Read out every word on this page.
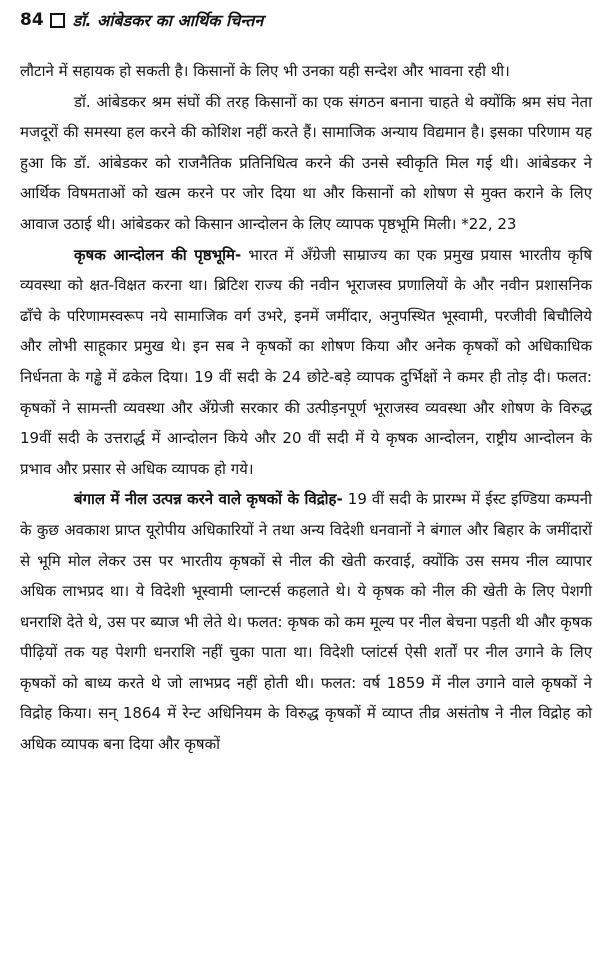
84 डॉ. आंबेडकर का आर्थिक चिन्तन

लौटाने में सहायक हो सकती है। किसानों के लिए भी उनका यही सन्देश और भावना रही थी।

डॉ. आंबेडकर श्रम संघों की तरह किसानों का एक संगठन बनाना चाहते थे क्योंकि श्रम संघ नेता मजदूरों की समस्या हल करने की कोशिश नहीं करते हैं। सामाजिक अन्याय विद्यमान है। इसका परिणाम यह हुआ कि डॉ. आंबेडकर को राजनैतिक प्रतिनिधित्व करने की उनसे स्वीकृति मिल गई थी। आंबेडकर ने आर्थिक विषमताओं को खत्म करने पर जोर दिया था और किसानों को शोषण से मुक्त कराने के लिए आवाज उठाई थी। आंबेडकर को किसान आन्दोलन के लिए व्यापक पृष्ठभूमि मिली। *22, 23

कृषक आन्दोलन की पृष्ठभूमि- भारत में अँग्रेजी साम्राज्य का एक प्रमुख प्रयास भारतीय कृषि व्यवस्था को क्षत-विक्षत करना था। ब्रिटिश राज्य की नवीन भूराजस्व प्रणालियों के और नवीन प्रशासनिक ढाँचे के परिणामस्वरूप नये सामाजिक वर्ग उभरे, इनमें जमींदार, अनुपस्थित भूस्वामी, परजीवी बिचौलिये और लोभी साहूकार प्रमुख थे। इन सब ने कृषकों का शोषण किया और अनेक कृषकों को अधिकाधिक निर्धनता के गड्ढे में ढकेल दिया। 19 वीं सदी के 24 छोटे-बड़े व्यापक दुर्भिक्षों ने कमर ही तोड़ दी। फलत: कृषकों ने सामन्ती व्यवस्था और अँग्रेजी सरकार की उत्पीड़नपूर्ण भूराजस्व व्यवस्था और शोषण के विरुद्ध 19वीं सदी के उत्तरार्द्ध में आन्दोलन किये और 20 वीं सदी में ये कृषक आन्दोलन, राष्ट्रीय आन्दोलन के प्रभाव और प्रसार से अधिक व्यापक हो गये।

बंगाल में नील उत्पन्न करने वाले कृषकों के विद्रोह- 19 वीं सदी के प्रारम्भ में ईस्ट इण्डिया कम्पनी के कुछ अवकाश प्राप्त यूरोपीय अधिकारियों ने तथा अन्य विदेशी धनवानों ने बंगाल और बिहार के जमींदारों से भूमि मोल लेकर उस पर भारतीय कृषकों से नील की खेती करवाई, क्योंकि उस समय नील व्यापार अधिक लाभप्रद था। ये विदेशी भूस्वामी प्लान्टर्स कहलाते थे। ये कृषक को नील की खेती के लिए पेशगी धनराशि देते थे, उस पर ब्याज भी लेते थे। फलत: कृषक को कम मूल्य पर नील बेचना पड़ती थी और कृषक पीढ़ियों तक यह पेशगी धनराशि नहीं चुका पाता था। विदेशी प्लांटर्स ऐसी शर्तों पर नील उगाने के लिए कृषकों को बाध्य करते थे जो लाभप्रद नहीं होती थी। फलत: वर्ष 1859 में नील उगाने वाले कृषकों ने विद्रोह किया। सन् 1864 में रेन्ट अधिनियम के विरुद्ध कृषकों में व्याप्त तीव्र असंतोष ने नील विद्रोह को अधिक व्यापक बना दिया और कृषकों
